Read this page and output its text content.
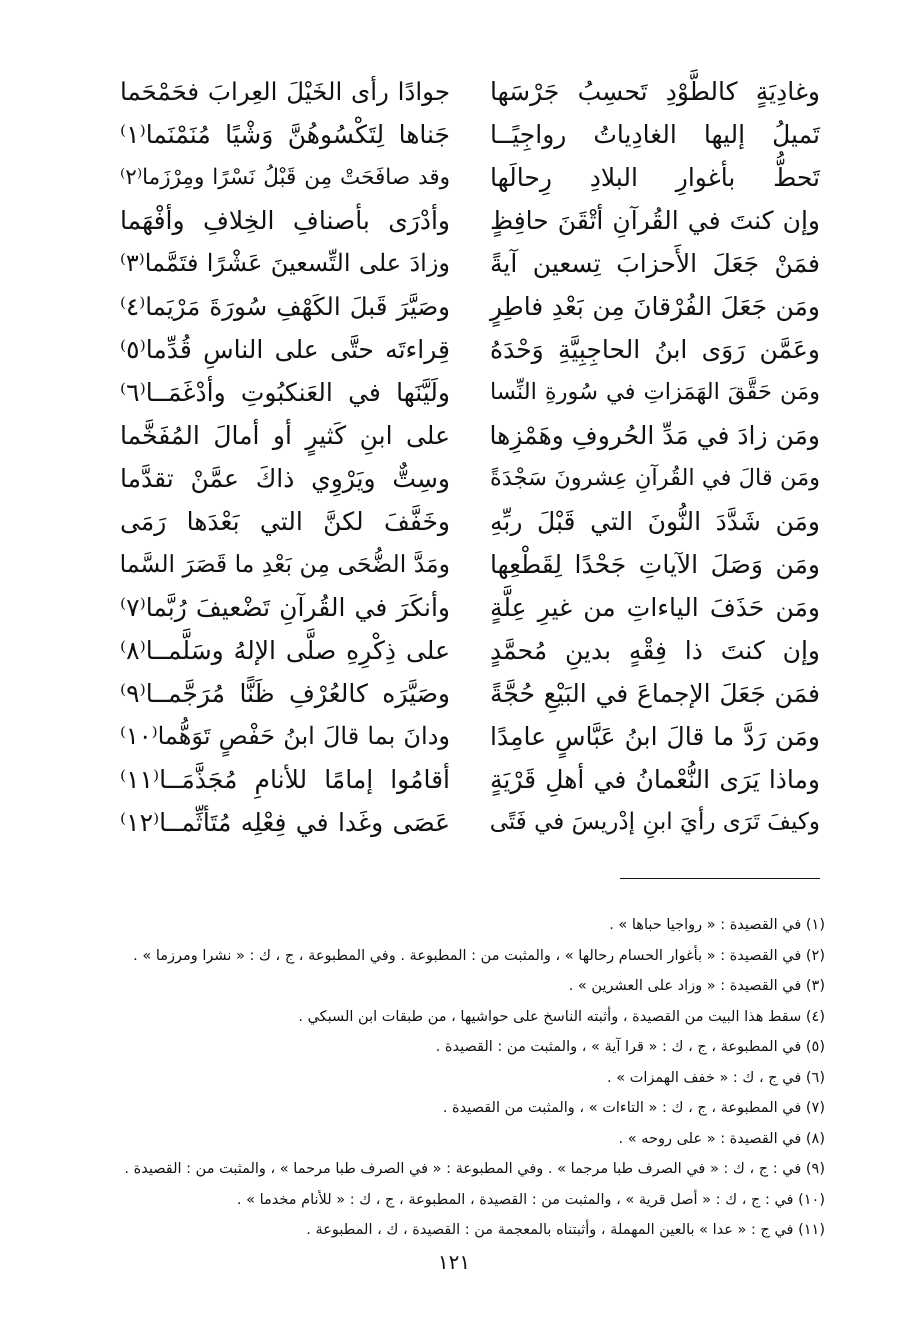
وغادِيَةٍ كالطَّوْدِ تَحسِبُ جَرْسَها
جوادًا رأى الخَيْلَ العِرابَ فحَمْحَما
تَميلُ إليها الغادِياتُ رواجِيًــا
جَناها لِتَكْسُوهُنَّ وَشْيًا مُنَمْنَما⁽١⁾
تَحطُّ بأغوارِ البلادِ رِحالَها
وقد صافَحَتْ مِن قَبْلُ نَسْرًا ومِرْزَما⁽٢⁾
وإن كنتَ في القُرآنِ أتْقَنَ حافِظٍ
وأدْرَى بأصنافِ الخِلافِ وأفْهَما
فمَنْ جَعَلَ الأَحزابَ تِسعين آيةً
وزادَ على التِّسعينَ عَشْرًا فتَمَّما⁽٣⁾
ومَن جَعَلَ الفُرْقانَ مِن بَعْدِ فاطِرٍ
وصَيَّرَ قَبلَ الكَهْفِ سُورَةَ مَرْيَما⁽٤⁾
وعَمَّن رَوَى ابنُ الحاجِبِيَّةِ وَحْدَهُ
قِراءتَه حتَّى على الناسِ قُدِّما⁽٥⁾
ومَن حَقَّقَ الهَمَزاتِ في سُورةِ النِّسا
ولَيَّنَها في العَنكبُوتِ وأدْغَمَــا⁽٦⁾
ومَن زادَ في مَدِّ الحُروفِ وهَمْزِها
على ابنِ كَثيرٍ أو أمالَ المُفَخَّما
ومَن قالَ في القُرآنِ عِشرونَ سَجْدَةً
وسِتٌّ ويَرْوِي ذاكَ عمَّنْ تقدَّما
ومَن شَدَّدَ النُّونَ التي قَبْلَ ربِّهِ
وخَفَّفَ لكنَّ التي بَعْدَها رَمَى
ومَن وَصَلَ الآياتِ جَحْدًا لِقَطْعِها
ومَدَّ الضُّحَى مِن بَعْدِ ما قَصَرَ السَّما
ومَن حَذَفَ الياءاتِ من غيرِ عِلَّةٍ
وأنكَرَ في القُرآنِ تَضْعيفَ رُبَّما⁽٧⁾
وإن كنتَ ذا فِقْهٍ بدينِ مُحمَّدٍ
على ذِكْرِهِ صلَّى الإلهُ وسَلَّمــا⁽٨⁾
فمَن جَعَلَ الإجماعَ في البَيْعِ حُجَّةً
وصَيَّرَه كالعُرْفِ ظَنًّا مُرَجَّمــا⁽٩⁾
ومَن رَدَّ ما قالَ ابنُ عَبَّاسٍ عامِدًا
ودانَ بما قالَ ابنُ حَفْصٍ تَوَهُّما⁽١٠⁾
وماذا يَرَى النُّعْمانُ في أهلِ قَرْيَةٍ
أقامُوا إمامًا للأنامِ مُجَذَّمَــا⁽١١⁾
وكيفَ تَرَى رأيَ ابنِ إدْريسَ في فَتًى
عَصَى وغَدا في فِعْلِه مُتَأثِّمــا⁽١٢⁾
(١) في القصيدة : « رواجيا حباها » .
(٢) في القصيدة : « بأغوار الحسام رحالها » ، والمثبت من : المطبوعة . وفي المطبوعة ، ج ، ك : « نشرا ومرزما » .
(٣) في القصيدة : « وزاد على العشرين » .
(٤) سقط هذا البيت من القصيدة ، وأثبته الناسخ على حواشيها ، من طبقات ابن السبكي .
(٥) في المطبوعة ، ج ، ك : « قرا آية » ، والمثبت من : القصيدة .
(٦) في ج ، ك : « خفف الهمزات » .
(٧) في المطبوعة ، ج ، ك : « التاءات » ، والمثبت من القصيدة .
(٨) في القصيدة : « على روحه » .
(٩) في : ج ، ك : « في الصرف طبا مرجما » . وفي المطبوعة : « في الصرف طبا مرحما » ، والمثبت من : القصيدة .
(١٠) في : ج ، ك : « أصل قرية » ، والمثبت من : القصيدة ، المطبوعة ، ج ، ك : « للأنام مخدما » .
(١١) في ج : « عدا » بالعين المهملة ، وأثبتناه بالمعجمة من : القصيدة ، ك ، المطبوعة .
١٢١
